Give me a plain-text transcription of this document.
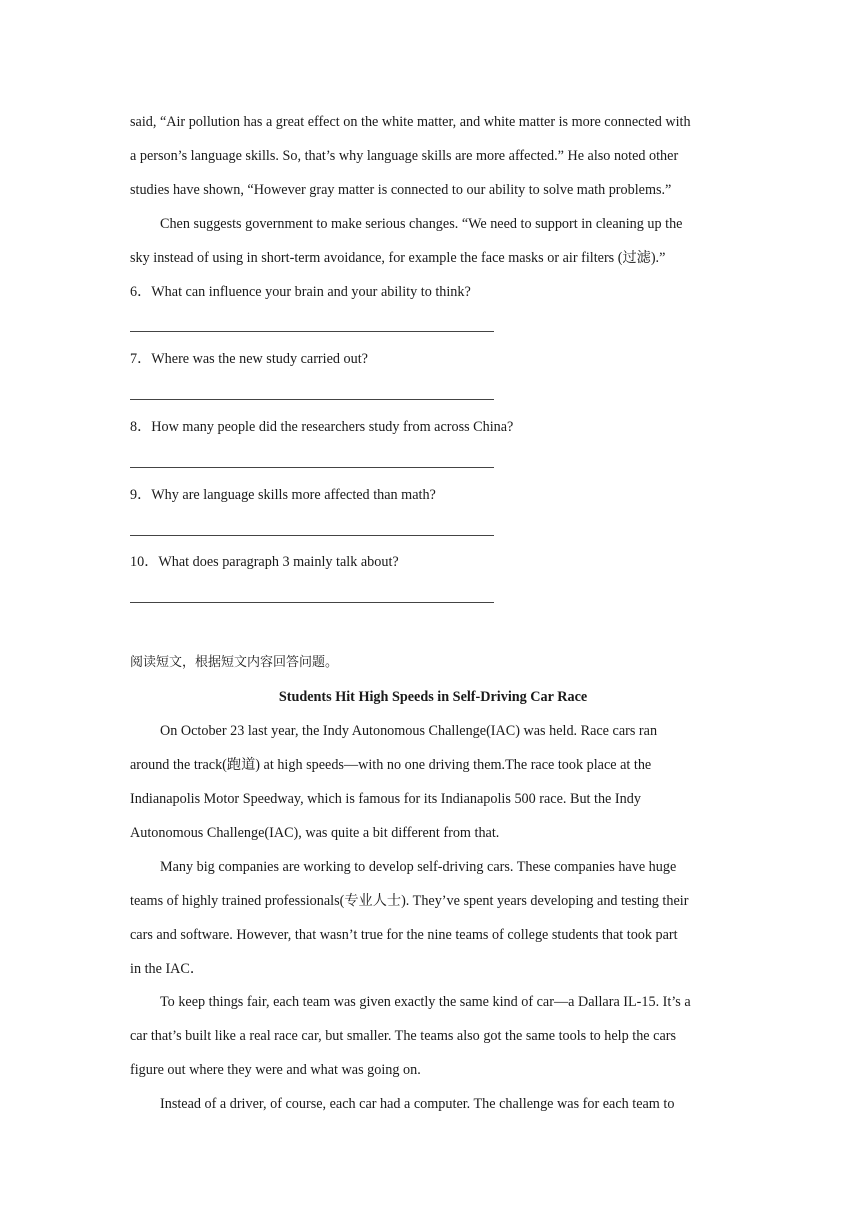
said, “Air pollution has a great effect on the white matter, and white matter is more connected with
a person’s language skills. So, that’s why language skills are more affected.” He also noted other
studies have shown, “However gray matter is connected to our ability to solve math problems.”
Chen suggests government to make serious changes. “We need to support in cleaning up the
sky instead of using in short-term avoidance, for example the face masks or air filters (过滤).”
6．What can influence your brain and your ability to think?
7．Where was the new study carried out?
8．How many people did the researchers study from across China?
9．Why are language skills more affected than math?
10．What does paragraph 3 mainly talk about?
阅读短文，根据短文内容回答问题。
Students Hit High Speeds in Self-Driving Car Race
On October 23 last year, the Indy Autonomous Challenge(IAC) was held. Race cars ran
around the track(跑道) at high speeds—with no one driving them.The race took place at the
Indianapolis Motor Speedway, which is famous for its Indianapolis 500 race. But the Indy
Autonomous Challenge(IAC), was quite a bit different from that.
Many big companies are working to develop self-driving cars. These companies have huge
teams of highly trained professionals(专业人士). They’ve spent years developing and testing their
cars and software. However, that wasn’t true for the nine teams of college students that took part
in the IAC．
To keep things fair, each team was given exactly the same kind of car—a Dallara IL-15. It’s a
car that’s built like a real race car, but smaller. The teams also got the same tools to help the cars
figure out where they were and what was going on.
Instead of a driver, of course, each car had a computer. The challenge was for each team to
